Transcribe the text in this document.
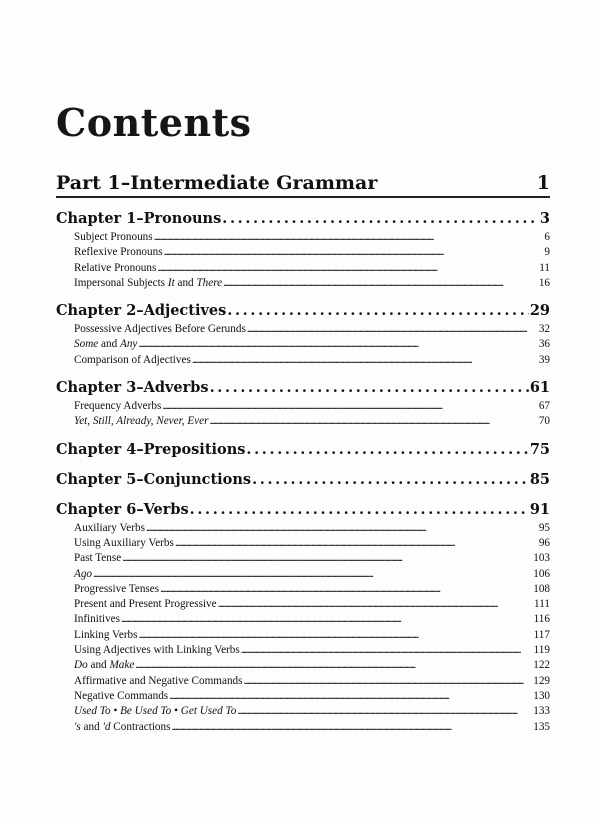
Contents
Part 1–Intermediate Grammar	1
Chapter 1–Pronouns . . .	3
Subject Pronouns . . .	6
Reflexive Pronouns . . .	9
Relative Pronouns . . .	11
Impersonal Subjects It and There . . .	16
Chapter 2–Adjectives . . .	29
Possessive Adjectives Before Gerunds . . .	32
Some and Any . . .	36
Comparison of Adjectives . . .	39
Chapter 3–Adverbs . . .	61
Frequency Adverbs . . .	67
Yet, Still, Already, Never, Ever . . .	70
Chapter 4–Prepositions . . .	75
Chapter 5–Conjunctions . . .	85
Chapter 6–Verbs . . .	91
Auxiliary Verbs . . .	95
Using Auxiliary Verbs . . .	96
Past Tense . . .	103
Ago . . .	106
Progressive Tenses . . .	108
Present and Present Progressive . . .	111
Infinitives . . .	116
Linking Verbs . . .	117
Using Adjectives with Linking Verbs . . .	119
Do and Make . . .	122
Affirmative and Negative Commands . . .	129
Negative Commands . . .	130
Used To • Be Used To • Get Used To . . .	133
's and 'd Contractions . . .	135
